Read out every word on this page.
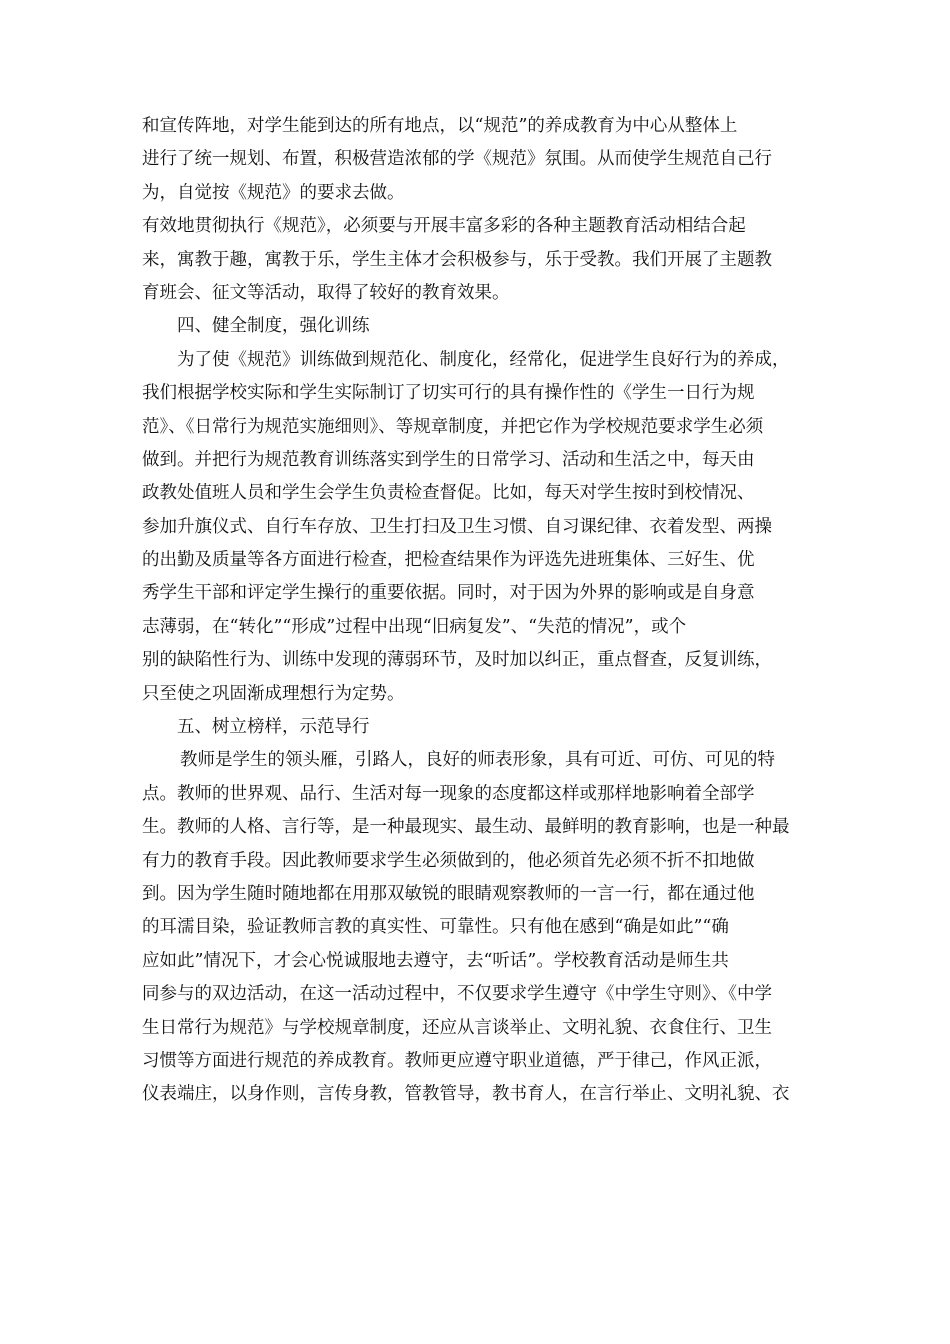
和宣传阵地，对学生能到达的所有地点，以“规范”的养成教育为中心从整体上
进行了统一规划、布置，积极营造浓郁的学《规范》氛围。从而使学生规范自己行
为，自觉按《规范》的要求去做。
有效地贯彻执行《规范》，必须要与开展丰富多彩的各种主题教育活动相结合起
来，寓教于趣，寓教于乐，学生主体才会积极参与，乐于受教。我们开展了主题教
育班会、征文等活动，取得了较好的教育效果。
四、健全制度，强化训练
为了使《规范》训练做到规范化、制度化，经常化，促进学生良好行为的养成，
我们根据学校实际和学生实际制订了切实可行的具有操作性的《学生一日行为规
范》、《日常行为规范实施细则》、等规章制度，并把它作为学校规范要求学生必须
做到。并把行为规范教育训练落实到学生的日常学习、活动和生活之中，每天由
政教处值班人员和学生会学生负责检查督促。比如，每天对学生按时到校情况、
参加升旗仪式、自行车存放、卫生打扫及卫生习惯、自习课纪律、衣着发型、两操
的出勤及质量等各方面进行检查，把检查结果作为评选先进班集体、三好生、优
秀学生干部和评定学生操行的重要依据。同时，对于因为外界的影响或是自身意
志薄弱，在“转化”“形成”过程中出现“旧病复发”、“失范的情况”，或个
别的缺陷性行为、训练中发现的薄弱环节，及时加以纠正，重点督查，反复训练，
只至使之巩固渐成理想行为定势。
五、树立榜样，示范导行
教师是学生的领头雁，引路人，良好的师表形象，具有可近、可仿、可见的特
点。教师的世界观、品行、生活对每一现象的态度都这样或那样地影响着全部学
生。教师的人格、言行等，是一种最现实、最生动、最鲜明的教育影响，也是一种最
有力的教育手段。因此教师要求学生必须做到的，他必须首先必须不折不扣地做
到。因为学生随时随地都在用那双敏锐的眼睛观察教师的一言一行，都在通过他
的耳濡目染，验证教师言教的真实性、可靠性。只有他在感到“确是如此”“确
应如此”情况下，才会心悦诚服地去遵守，去“听话”。学校教育活动是师生共
同参与的双边活动，在这一活动过程中，不仅要求学生遵守《中学生守则》、《中学
生日常行为规范》与学校规章制度，还应从言谈举止、文明礼貌、衣食住行、卫生
习惯等方面进行规范的养成教育。教师更应遵守职业道德，严于律己，作风正派，
仪表端庄，以身作则，言传身教，管教管导，教书育人，在言行举止、文明礼貌、衣
